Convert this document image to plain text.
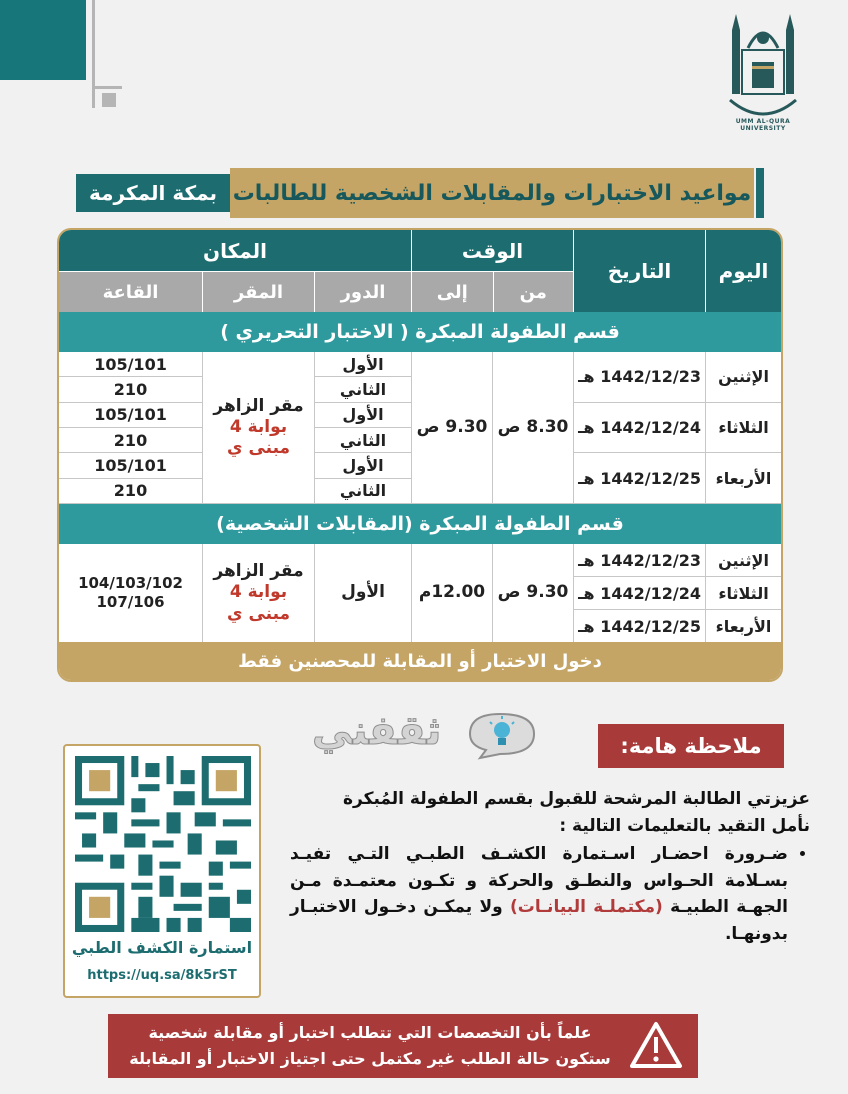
UMM AL-QURA UNIVERSITY
بمكة المكرمة مواعيد الاختبارات والمقابلات الشخصية للطالبات
اليوم
التاريخ
الوقت
من
إلى
المكان
الدور
المقر
القاعة
قسم الطفولة المبكرة ( الاختبار التحريري )
الإثنين
الثلاثاء
الأربعاء
1442/12/23 هـ
1442/12/24 هـ
1442/12/25 هـ
8.30 ص
9.30 ص
الأول
الثاني
الأول
الثاني
الأول
الثاني
مقر الزاهر
بوابة 4
مبنى ي
105/101
210
105/101
210
105/101
210
قسم الطفولة المبكرة (المقابلات الشخصية)
الإثنين
الثلاثاء
الأربعاء
1442/12/23 هـ
1442/12/24 هـ
1442/12/25 هـ
9.30 ص
12.00م
الأول
مقر الزاهر
بوابة 4
مبنى ي
104/103/102
107/106
دخول الاختبار أو المقابلة للمحصنين فقط
ثقفني	ملاحظة هامة:

عزيزتي الطالبة المرشحة للقبول بقسم الطفولة المُبكرة

نأمل التقيد بالتعليمات التالية :

• ضـرورة احضـار اسـتمارة الكشـف الطبـي التـي تفيـد بسـلامة الحـواس والنطـق والحركة و تكـون معتمـدة مـن الجهـة الطبيـة (مكتملـة البيانـات) ولا يمكـن دخـول الاختبـار بدونهـا.
استمارة الكشف الطبي
https://uq.sa/8k5rST
علماً بأن التخصصات التي تتطلب اختبار أو مقابلة شخصية
ستكون حالة الطلب غير مكتمل حتى اجتياز الاختبار أو المقابلة
